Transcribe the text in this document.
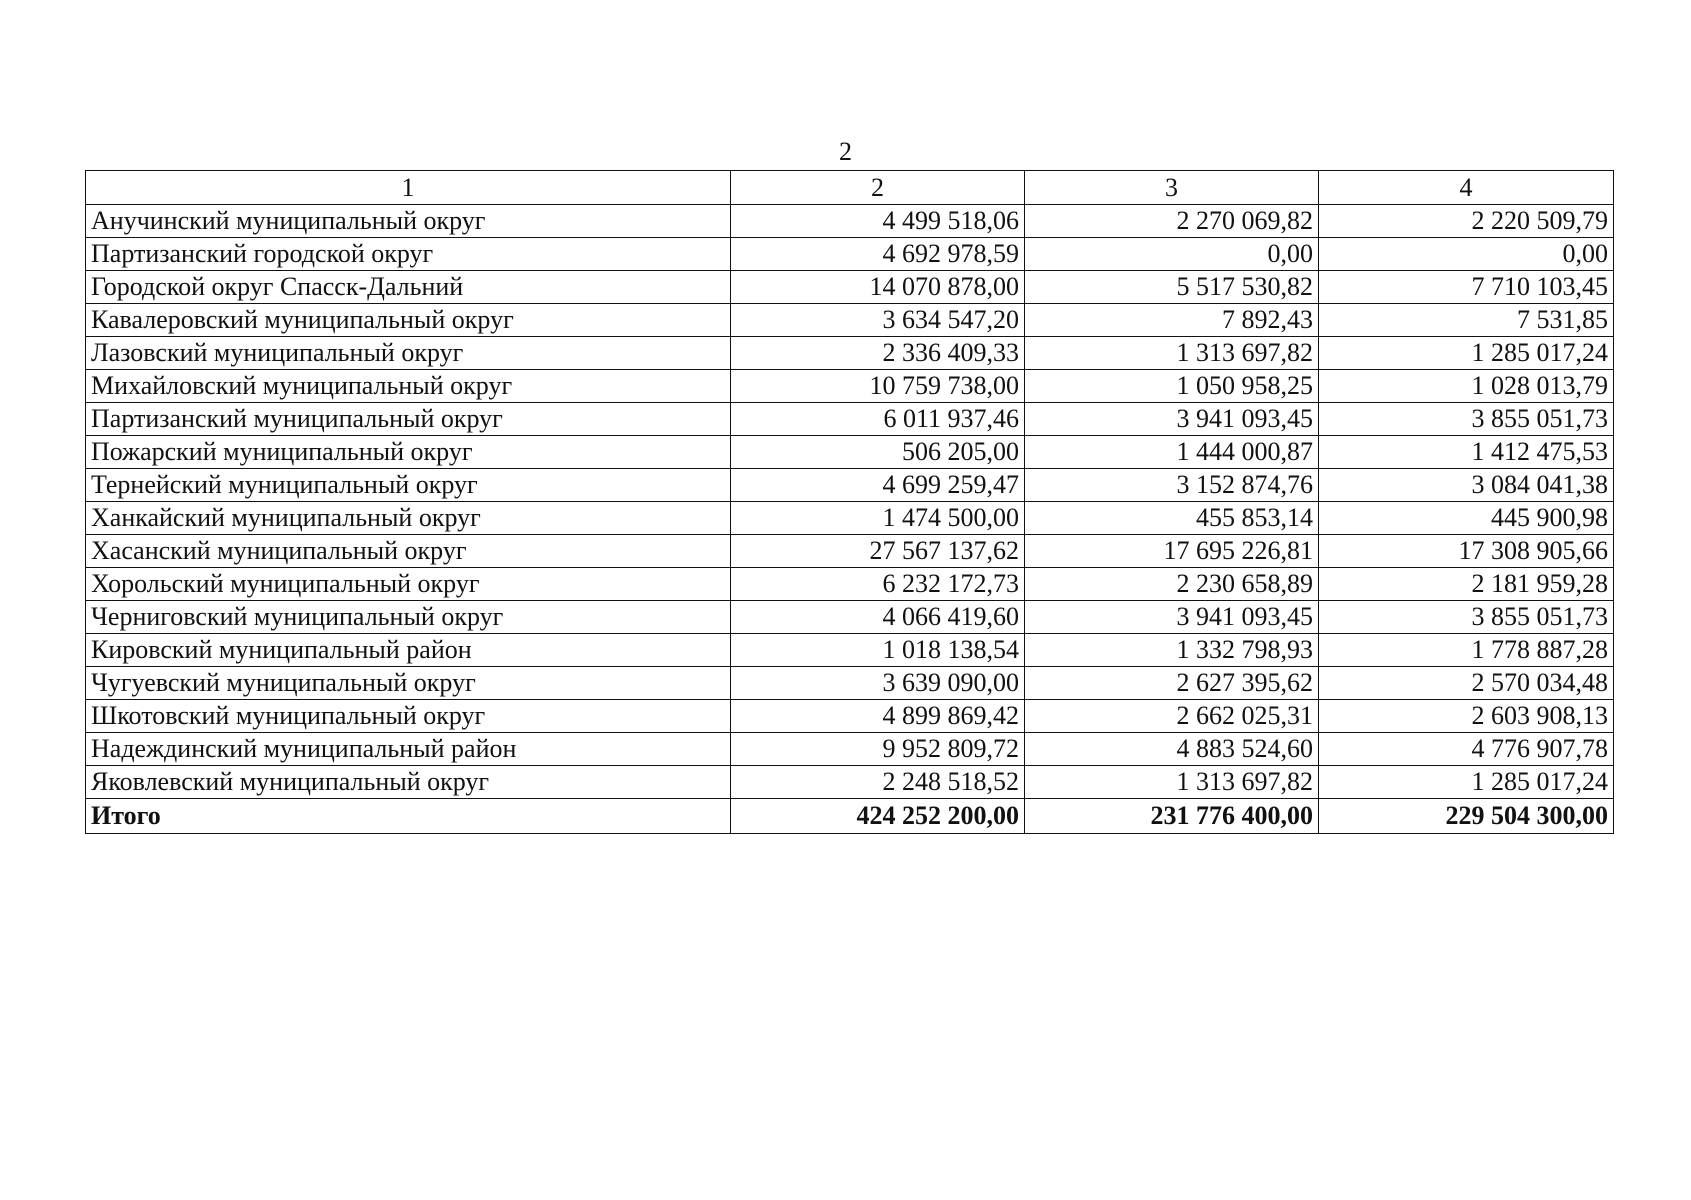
2
1	2	3	4
Анучинский муниципальный округ	4 499 518,06	2 270 069,82	2 220 509,79
Партизанский городской округ	4 692 978,59	0,00	0,00
Городской округ Спасск-Дальний	14 070 878,00	5 517 530,82	7 710 103,45
Кавалеровский муниципальный округ	3 634 547,20	7 892,43	7 531,85
Лазовский муниципальный округ	2 336 409,33	1 313 697,82	1 285 017,24
Михайловский муниципальный округ	10 759 738,00	1 050 958,25	1 028 013,79
Партизанский муниципальный округ	6 011 937,46	3 941 093,45	3 855 051,73
Пожарский муниципальный округ	506 205,00	1 444 000,87	1 412 475,53
Тернейский муниципальный округ	4 699 259,47	3 152 874,76	3 084 041,38
Ханкайский муниципальный округ	1 474 500,00	455 853,14	445 900,98
Хасанский муниципальный округ	27 567 137,62	17 695 226,81	17 308 905,66
Хорольский муниципальный округ	6 232 172,73	2 230 658,89	2 181 959,28
Черниговский муниципальный округ	4 066 419,60	3 941 093,45	3 855 051,73
Кировский муниципальный район	1 018 138,54	1 332 798,93	1 778 887,28
Чугуевский муниципальный округ	3 639 090,00	2 627 395,62	2 570 034,48
Шкотовский муниципальный округ	4 899 869,42	2 662 025,31	2 603 908,13
Надеждинский муниципальный район	9 952 809,72	4 883 524,60	4 776 907,78
Яковлевский муниципальный округ	2 248 518,52	1 313 697,82	1 285 017,24
Итого	424 252 200,00	231 776 400,00	229 504 300,00
